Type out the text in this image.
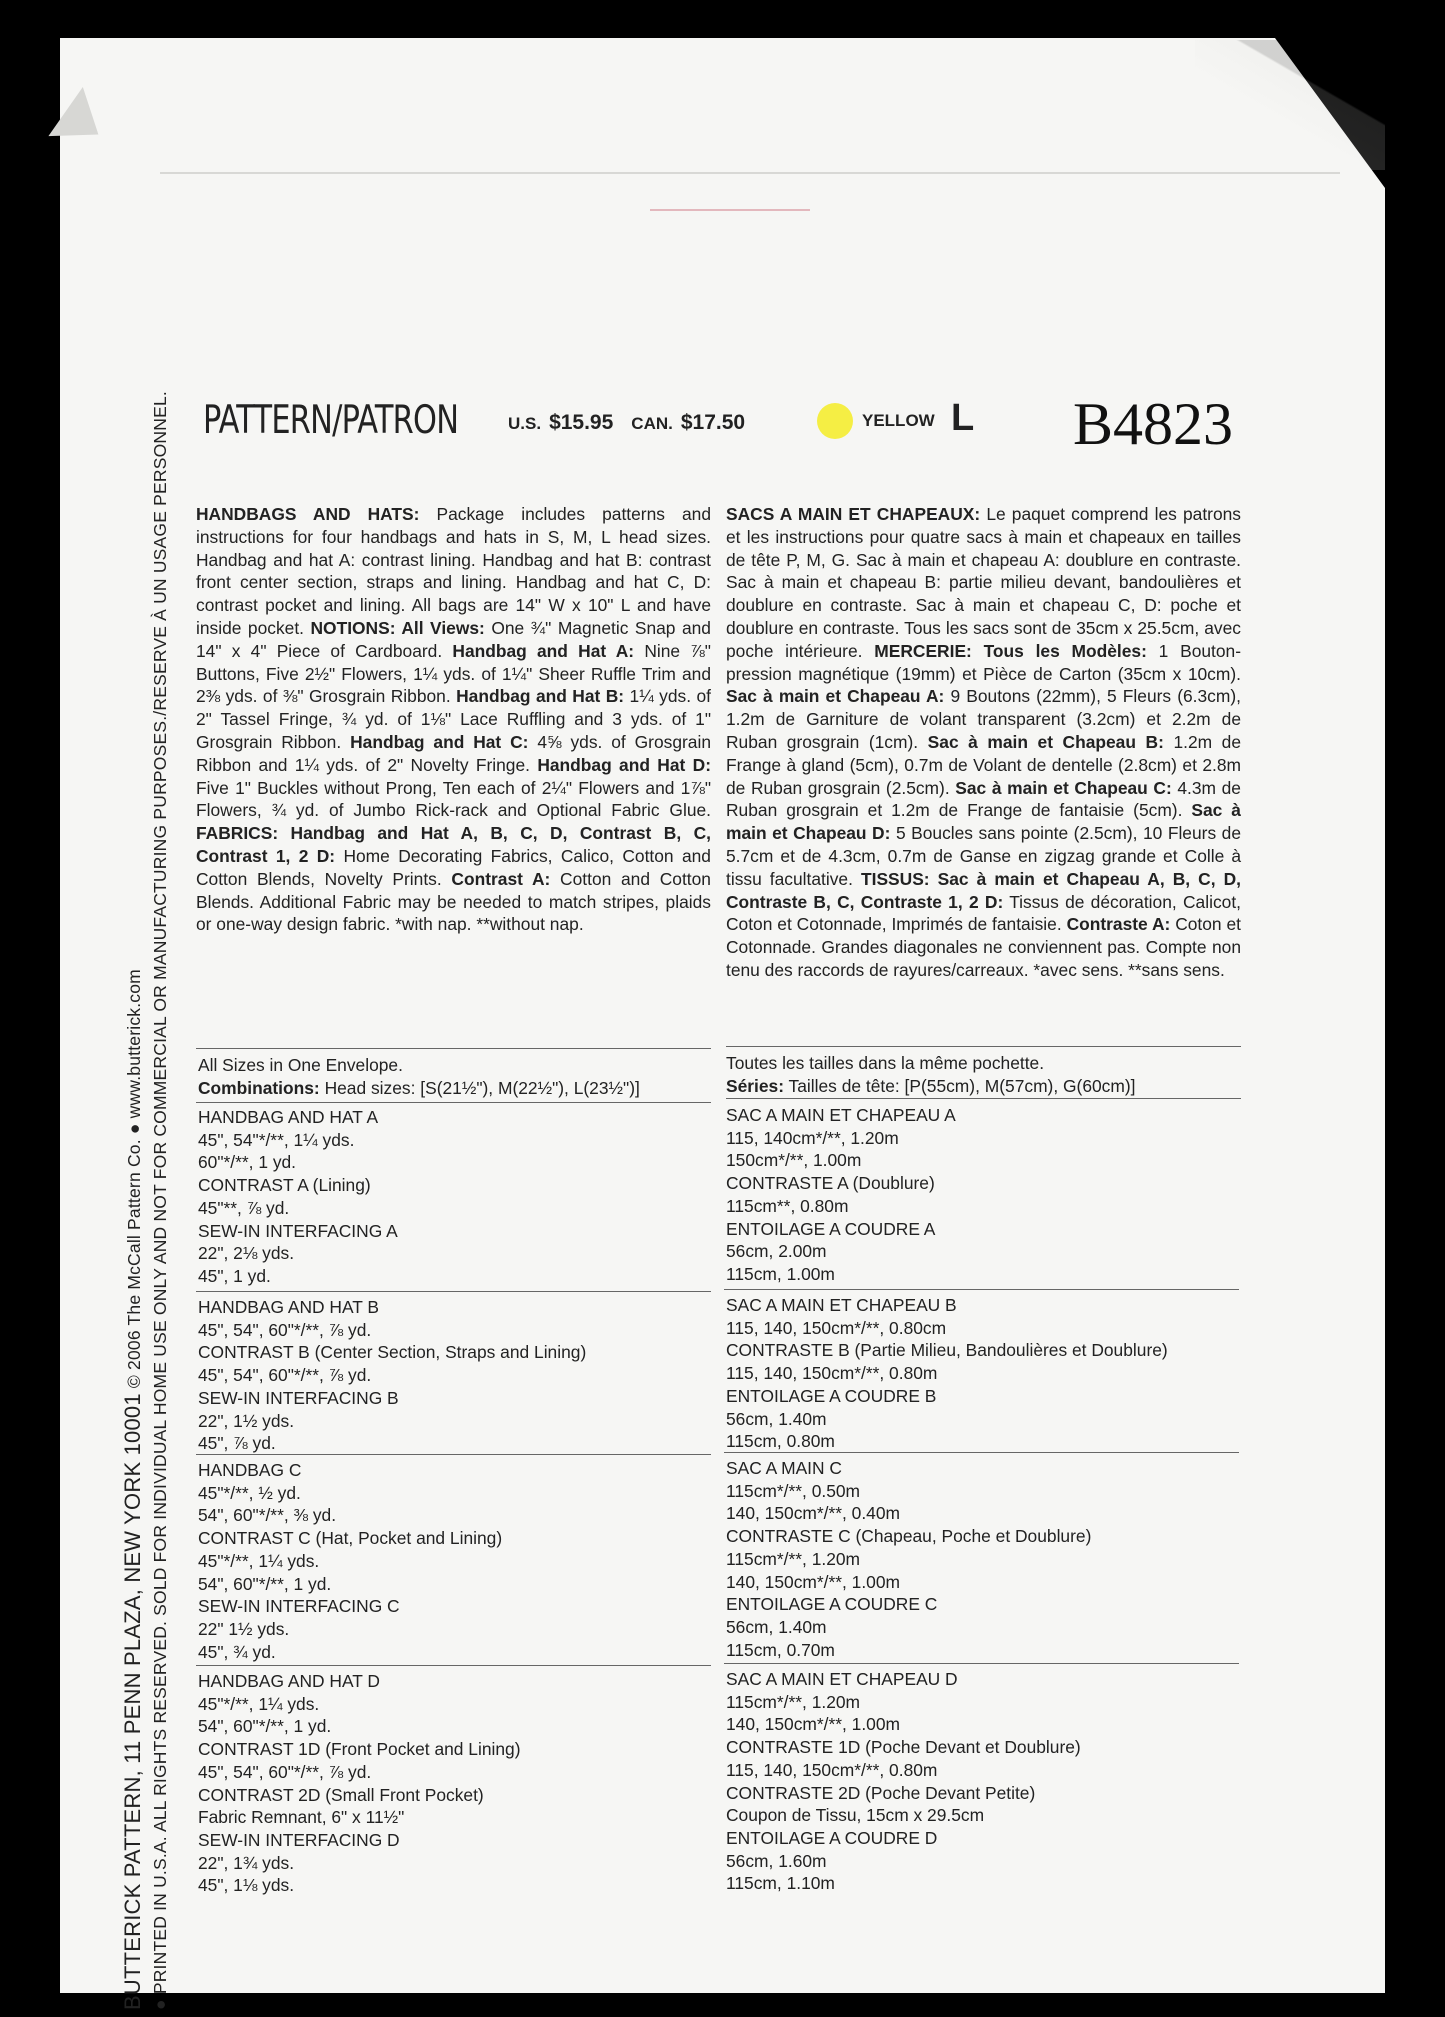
PATTERN/PATRON	U.S. $15.95 CAN. $17.50	YELLOW L B4823
● PRINTED IN U.S.A. ALL RIGHTS RESERVED. SOLD FOR INDIVIDUAL HOME USE ONLY AND NOT FOR COMMERCIAL OR MANUFACTURING PURPOSES./RESERVE À UN USAGE PERSONNEL.
BUTTERICK PATTERN, 11 PENN PLAZA, NEW YORK 10001 © 2006 The McCall Pattern Co. ● www.butterick.com
HANDBAGS AND HATS: Package includes patterns and instructions for four handbags and hats in S, M, L head sizes. Handbag and hat A: contrast lining. Handbag and hat B: contrast front center section, straps and lining. Handbag and hat C, D: contrast pocket and lining. All bags are 14" W x 10" L and have inside pocket. NOTIONS: All Views: One ¾" Magnetic Snap and 14" x 4" Piece of Cardboard. Handbag and Hat A: Nine ⅞" Buttons, Five 2½" Flowers, 1¼ yds. of 1¼" Sheer Ruffle Trim and 2⅜ yds. of ⅜" Grosgrain Ribbon. Handbag and Hat B: 1¼ yds. of 2" Tassel Fringe, ¾ yd. of 1⅛" Lace Ruffling and 3 yds. of 1" Grosgrain Ribbon. Handbag and Hat C: 4⅝ yds. of Grosgrain Ribbon and 1¼ yds. of 2" Novelty Fringe. Handbag and Hat D: Five 1" Buckles without Prong, Ten each of 2¼" Flowers and 1⅞" Flowers, ¾ yd. of Jumbo Rick-rack and Optional Fabric Glue. FABRICS: Handbag and Hat A, B, C, D, Contrast B, C, Contrast 1, 2 D: Home Decorating Fabrics, Calico, Cotton and Cotton Blends, Novelty Prints. Contrast A: Cotton and Cotton Blends. Additional Fabric may be needed to match stripes, plaids or one-way design fabric. *with nap. **without nap.
SACS A MAIN ET CHAPEAUX: Le paquet comprend les patrons et les instructions pour quatre sacs à main et chapeaux en tailles de tête P, M, G. Sac à main et chapeau A: doublure en contraste. Sac à main et chapeau B: partie milieu devant, bandoulières et doublure en contraste. Sac à main et chapeau C, D: poche et doublure en contraste. Tous les sacs sont de 35cm x 25.5cm, avec poche intérieure. MERCERIE: Tous les Modèles: 1 Bouton-pression magnétique (19mm) et Pièce de Carton (35cm x 10cm). Sac à main et Chapeau A: 9 Boutons (22mm), 5 Fleurs (6.3cm), 1.2m de Garniture de volant transparent (3.2cm) et 2.2m de Ruban grosgrain (1cm). Sac à main et Chapeau B: 1.2m de Frange à gland (5cm), 0.7m de Volant de dentelle (2.8cm) et 2.8m de Ruban grosgrain (2.5cm). Sac à main et Chapeau C: 4.3m de Ruban grosgrain et 1.2m de Frange de fantaisie (5cm). Sac à main et Chapeau D: 5 Boucles sans pointe (2.5cm), 10 Fleurs de 5.7cm et de 4.3cm, 0.7m de Ganse en zigzag grande et Colle à tissu facultative. TISSUS: Sac à main et Chapeau A, B, C, D, Contraste B, C, Contraste 1, 2 D: Tissus de décoration, Calicot, Coton et Cotonnade, Imprimés de fantaisie. Contraste A: Coton et Cotonnade. Grandes diagonales ne conviennent pas. Compte non tenu des raccords de rayures/carreaux. *avec sens. **sans sens.
All Sizes in One Envelope.
Combinations: Head sizes: [S(21½"), M(22½"), L(23½")]
Toutes les tailles dans la même pochette.
Séries: Tailles de tête: [P(55cm), M(57cm), G(60cm)]
HANDBAG AND HAT A
45", 54"*/**, 1¼ yds.
60"*/**, 1 yd.
CONTRAST A (Lining)
45"**, ⅞ yd.
SEW-IN INTERFACING A
22", 2⅛ yds.
45", 1 yd.
HANDBAG AND HAT B
45", 54", 60"*/**, ⅞ yd.
CONTRAST B (Center Section, Straps and Lining)
45", 54", 60"*/**, ⅞ yd.
SEW-IN INTERFACING B
22", 1½ yds.
45", ⅞ yd.
HANDBAG C
45"*/**, ½ yd.
54", 60"*/**, ⅜ yd.
CONTRAST C (Hat, Pocket and Lining)
45"*/**, 1¼ yds.
54", 60"*/**, 1 yd.
SEW-IN INTERFACING C
22" 1½ yds.
45", ¾ yd.
HANDBAG AND HAT D
45"*/**, 1¼ yds.
54", 60"*/**, 1 yd.
CONTRAST 1D (Front Pocket and Lining)
45", 54", 60"*/**, ⅞ yd.
CONTRAST 2D (Small Front Pocket)
Fabric Remnant, 6" x 11½"
SEW-IN INTERFACING D
22", 1¾ yds.
45", 1⅛ yds.
SAC A MAIN ET CHAPEAU A
115, 140cm*/**, 1.20m
150cm*/**, 1.00m
CONTRASTE A (Doublure)
115cm**, 0.80m
ENTOILAGE A COUDRE A
56cm, 2.00m
115cm, 1.00m
SAC A MAIN ET CHAPEAU B
115, 140, 150cm*/**, 0.80cm
CONTRASTE B (Partie Milieu, Bandoulières et Doublure)
115, 140, 150cm*/**, 0.80m
ENTOILAGE A COUDRE B
56cm, 1.40m
115cm, 0.80m
SAC A MAIN C
115cm*/**, 0.50m
140, 150cm*/**, 0.40m
CONTRASTE C (Chapeau, Poche et Doublure)
115cm*/**, 1.20m
140, 150cm*/**, 1.00m
ENTOILAGE A COUDRE C
56cm, 1.40m
115cm, 0.70m
SAC A MAIN ET CHAPEAU D
115cm*/**, 1.20m
140, 150cm*/**, 1.00m
CONTRASTE 1D (Poche Devant et Doublure)
115, 140, 150cm*/**, 0.80m
CONTRASTE 2D (Poche Devant Petite)
Coupon de Tissu, 15cm x 29.5cm
ENTOILAGE A COUDRE D
56cm, 1.60m
115cm, 1.10m
